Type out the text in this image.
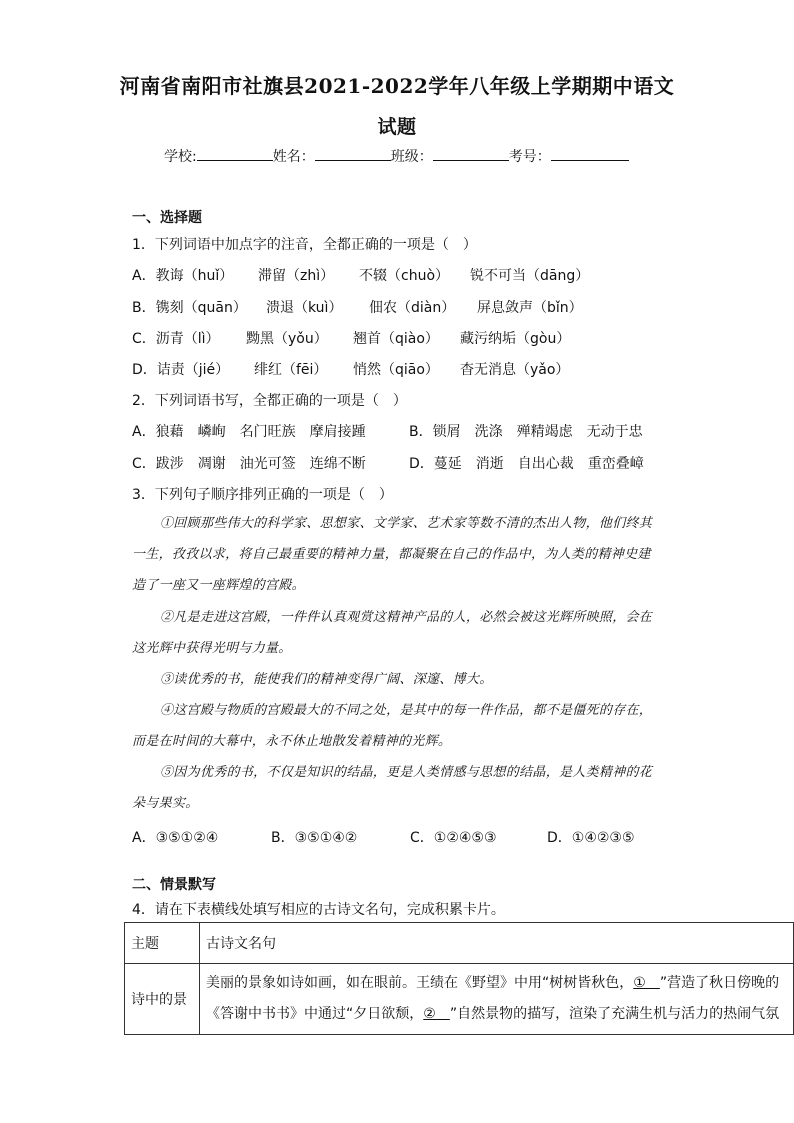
河南省南阳市社旗县2021-2022学年八年级上学期期中语文
试题
学校:	姓名：	班级：	考号：
一、选择题
1．下列词语中加点字的注音，全都正确的一项是（　）
A．教诲（huǐ） 滞留（zhì） 不辍（chuò） 锐不可当（dāng）
B．镌刻（quān） 溃退（kuì） 佃农（diàn） 屏息敛声（bǐn）
C．沥青（lì） 黝黑（yǒu） 翘首（qiào） 藏污纳垢（gòu）
D．诘责（jié） 绯红（fēi） 悄然（qiāo） 杳无消息（yǎo）
2．下列词语书写，全都正确的一项是（　）
A．狼藉　嶙峋　名门旺族　摩肩接踵	B．锁屑　洗涤　殚精竭虑　无动于忠
C．跋涉　凋谢　油光可签　连绵不断	D．蔓延　消逝　自出心裁　重峦叠嶂
3．下列句子顺序排列正确的一项是（　）
①回顾那些伟大的科学家、思想家、文学家、艺术家等数不清的杰出人物，他们终其一生，孜孜以求，将自己最重要的精神力量，都凝聚在自己的作品中，为人类的精神史建造了一座又一座辉煌的宫殿。
②凡是走进这宫殿，一件件认真观赏这精神产品的人，必然会被这光辉所映照，会在这光辉中获得光明与力量。
③读优秀的书，能使我们的精神变得广阔、深邃、博大。
④这宫殿与物质的宫殿最大的不同之处，是其中的每一件作品，都不是僵死的存在，而是在时间的大幕中，永不休止地散发着精神的光辉。
⑤因为优秀的书，不仅是知识的结晶，更是人类情感与思想的结晶，是人类精神的花朵与果实。
A．③⑤①②④	B．③⑤①④②	C．①②④⑤③	D．①④②③⑤
二、情景默写
4．请在下表横线处填写相应的古诗文名句，完成积累卡片。
主题	古诗文名句
诗中的景	美丽的景象如诗如画，如在眼前。王绩在《野望》中用“树树皆秋色，①　”营造了秋日傍晚的
《答谢中书书》中通过“夕日欲颓，②　”自然景物的描写，渲染了充满生机与活力的热闹气氛
